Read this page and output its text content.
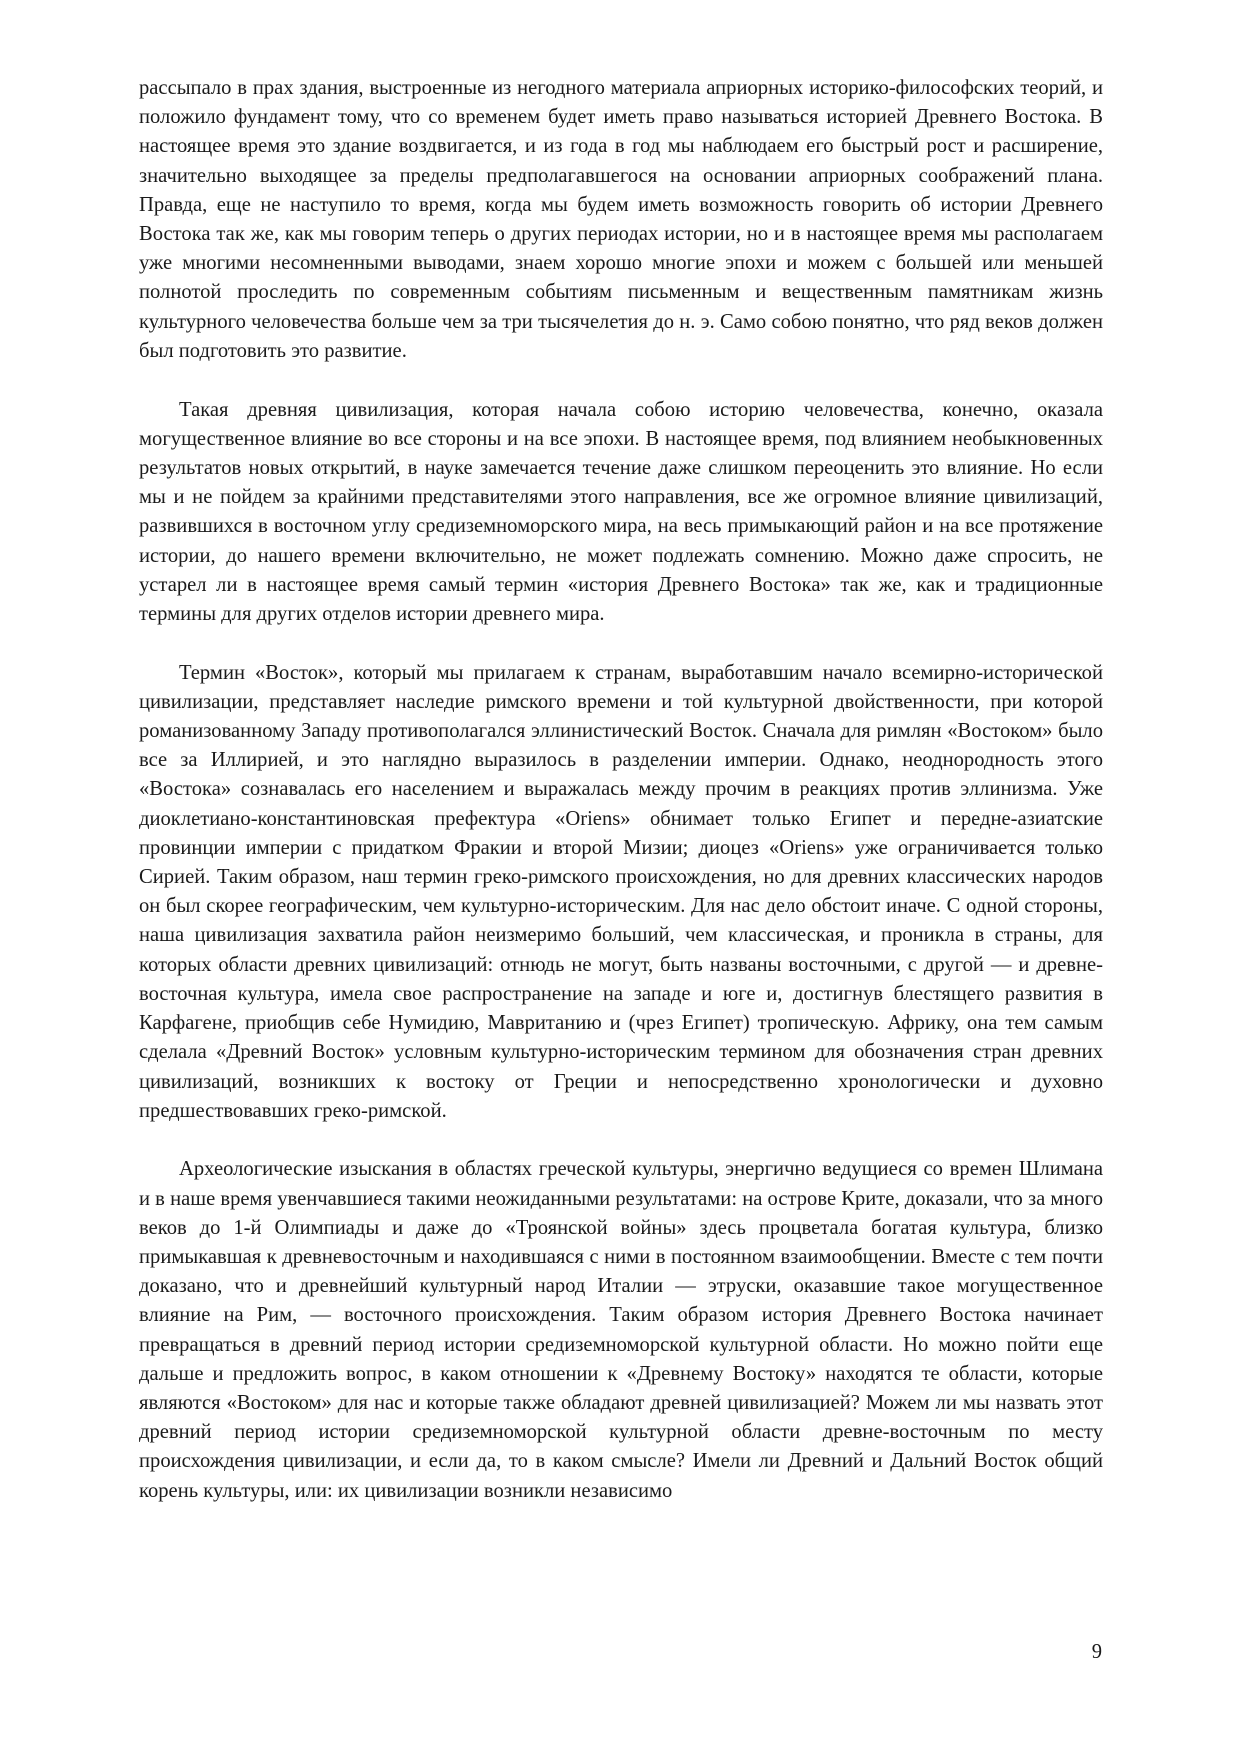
рассыпало в прах здания, выстроенные из негодного материала априорных историко-философских теорий, и положило фундамент тому, что со временем будет иметь право называться историей Древнего Востока. В настоящее время это здание воздвигается, и из года в год мы наблюдаем его быстрый рост и расширение, значительно выходящее за пределы предполагавшегося на основании априорных соображений плана. Правда, еще не наступило то время, когда мы будем иметь возможность говорить об истории Древнего Востока так же, как мы говорим теперь о других периодах истории, но и в настоящее время мы располагаем уже многими несомненными выводами, знаем хорошо многие эпохи и можем с большей или меньшей полнотой проследить по современным событиям письменным и вещественным памятникам жизнь культурного человечества больше чем за три тысячелетия до н. э. Само собою понятно, что ряд веков должен был подготовить это развитие.

Такая древняя цивилизация, которая начала собою историю человечества, конечно, оказала могущественное влияние во все стороны и на все эпохи. В настоящее время, под влиянием необыкновенных результатов новых открытий, в науке замечается течение даже слишком переоценить это влияние. Но если мы и не пойдем за крайними представителями этого направления, все же огромное влияние цивилизаций, развившихся в восточном углу средиземноморского мира, на весь примыкающий район и на все протяжение истории, до нашего времени включительно, не может подлежать сомнению. Можно даже спросить, не устарел ли в настоящее время самый термин «история Древнего Востока» так же, как и традиционные термины для других отделов истории древнего мира.

Термин «Восток», который мы прилагаем к странам, выработавшим начало всемирно-исторической цивилизации, представляет наследие римского времени и той культурной двойственности, при которой романизованному Западу противополагался эллинистический Восток. Сначала для римлян «Востоком» было все за Иллирией, и это наглядно выразилось в разделении империи. Однако, неоднородность этого «Востока» сознавалась его населением и выражалась между прочим в реакциях против эллинизма. Уже диоклетиано-константиновская префектура «Oriens» обнимает только Египет и передне-азиатские провинции империи с придатком Фракии и второй Мизии; диоцез «Oriens» уже ограничивается только Сирией. Таким образом, наш термин греко-римского происхождения, но для древних классических народов он был скорее географическим, чем культурно-историческим. Для нас дело обстоит иначе. С одной стороны, наша цивилизация захватила район неизмеримо больший, чем классическая, и проникла в страны, для которых области древних цивилизаций: отнюдь не могут, быть названы восточными, с другой — и древне-восточная культура, имела свое распространение на западе и юге и, достигнув блестящего развития в Карфагене, приобщив себе Нумидию, Мавританию и (чрез Египет) тропическую. Африку, она тем самым сделала «Древний Восток» условным культурно-историческим термином для обозначения стран древних цивилизаций, возникших к востоку от Греции и непосредственно хронологически и духовно предшествовавших греко-римской.

Археологические изыскания в областях греческой культуры, энергично ведущиеся со времен Шлимана и в наше время увенчавшиеся такими неожиданными результатами: на острове Крите, доказали, что за много веков до 1-й Олимпиады и даже до «Троянской войны» здесь процветала богатая культура, близко примыкавшая к древневосточным и находившаяся с ними в постоянном взаимообщении. Вместе с тем почти доказано, что и древнейший культурный народ Италии — этруски, оказавшие такое могущественное влияние на Рим, — восточного происхождения. Таким образом история Древнего Востока начинает превращаться в древний период истории средиземноморской культурной области. Но можно пойти еще дальше и предложить вопрос, в каком отношении к «Древнему Востоку» находятся те области, которые являются «Востоком» для нас и которые также обладают древней цивилизацией? Можем ли мы назвать этот древний период истории средиземноморской культурной области древне-восточным по месту происхождения цивилизации, и если да, то в каком смысле? Имели ли Древний и Дальний Восток общий корень культуры, или: их цивилизации возникли независимо

9
